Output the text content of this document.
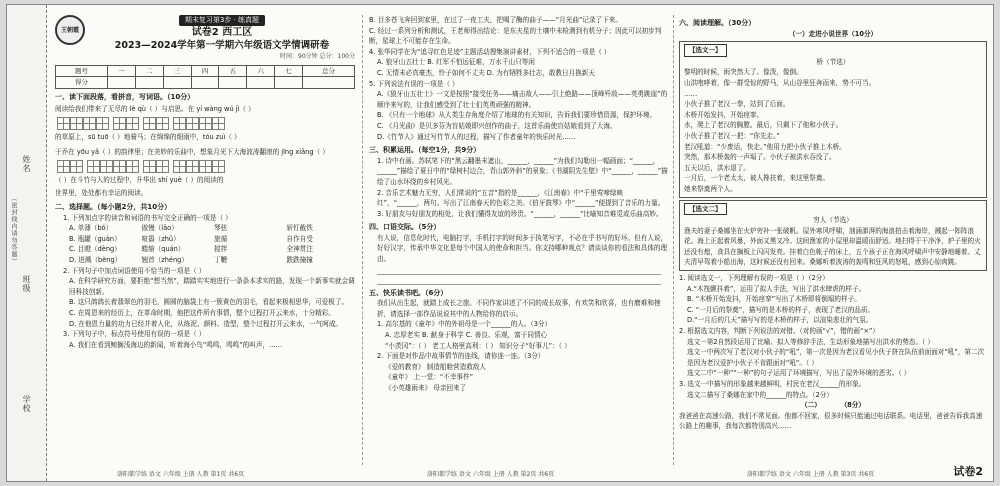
姓名
（密封线内请勿答题）
班级
学校
王朝霞
期末复习第3步 · 练真题
试卷2 西工区
2023—2024学年第一学期六年级语文学情调研卷
时间：90分钟 总分：100分
题号	一	二	三	四	五	六	七	总分
得分								
一、读下面段落，看拼音，写词语。（10分）
阅读给我们带来了无尽的 lè qù（ ）与启思。在 yí wàng wú jì（ ）
的草原上，sū tuō（ ）地骑马；在绵绵的细雨中，tóu zuì（ ）
于乔在 yōu yǎ（ ）的韵律里；在美妙的乐曲中，想象月光下大海波涛翻滚的 jīng xiǎng（ ）
（ ）在斗竹与人的过程中，升华出 shí yuè（ ）的阅读的
世界里，处处都有幸运的阅读。
二、选择题。（每小题2分，共10分）
1. 下列加点字的读音和词语的书写完全正确的一项是（ ）
A. 单薄（bó）	傲慢（lǎo）	琴弦	斩钉截铁
B. 瓶罐（guàn）	喧嚣（zhǔ）	旅循	自作自受
C. 目瞪（dèng）	蜷缩（quán）	搅拌	全神贯注
D. 迸溅（bèng）	翘首（zhéng）	丁鞭	跌跌撞撞
2. 下列句子中加点词语使用不恰当的一项是（ ）
A. 在科学研究方面，要拒绝“想当然”，踏踏实实地进行一条条本求实的路，发现一个新事实就会调回科技创新。
B. 这只鸽鸽长着翡翠色的羽毛，圆圆的脑袋上有一簇黄色的羽毛，看起来极相思华，可爱极了。
C. 在周恩来的经历上，在革命时期，他把这件所有事情，整个过程打开云来水，十分精彩。
D. 在他恩力量的功力已经并着人化，从练泥、颜料、造型，整个过程打开云来水，一气呵成。
3. 下列句子中，标点符号使用有误的一项是（ ）
A. 我们在看到鲸搁浅海边的新闻，听着海小鸟“鸣鸣，鸣鸣”的叫声，……
洛阳都学练 语文 六年级 上册 人教 第1页 共6页
B. 目多苍飞奔回到家里，在过了一夜工夫，把喝了酶的曲子——“月光曲”记录了下来。
C. 经过一系列分析和测试，王老师得出结论：是东夫星的土壤中未检测到有机分子；因此可以初步判断，星球上不可能存在生命。
4. 张华同学在为“追寻红色足迹”主题活动搜集演讲素材，下列不适合的一项是（ ）
A. 狼牙山五壮士 B. 红军不怕远征难，万水千山只等闲
C. 无情未必真豪杰，怜子如何不丈夫 D. 为有牺牲多壮志，敢教日月换新天
5. 下列说法有误的一项是（ ）
A.《狼牙山五壮士》一文是按照“接受任务——痛击敌人——引上绝路——顶峰歼敌——英勇跳崖”的顺序来写的，让我们感受到了壮士们英勇顽强的精神。
B. 《只有一个地球》从人类生存角度介绍了地球的有关知识，告诉我们要珍惜资源，保护环境。
C. 《月光曲》是贝多芬为盲姑娘即兴创作的曲子，这首乐曲使盲姑娘看到了大海。
D.《竹节人》通过写竹节人的过程，描写了作者童年的快乐时光……
三、积累运用。（每空1分，共9分）
1. 诗中有画。苏轼笔下的“黑云翻墨未遮山，______，______”为我们勾勒出一幅画面；“______，______”描绘了夏日中的“绿树村边合，青山郭外斜”的景象；《书湖阴先生壁》中“______，______”描绘了山水环绕的乡村风光。
2. 音乐艺术魅力无穷，人们常说的“五音”指的是______，《江南春》中“千里莺啼绿映红”，“______，两句。写出了江南春天的色彩之美。《伯牙鼓琴》中“______”便提到了音乐的力量。
3. 好朋友与好朋友的相处，让我们懂得友谊的珍贵。“______，______”比喻知音难觅或乐曲高妙。
四、口语交际。（5分）
有人说，信息化时代，电脑打字，手机打字的时间多于执笔写字，不必在乎书写的好坏。但有人说，好好汉字，传承中华文化是每个中国人的使命和担当。你支持哪种观点？请谈谈你的看法和具体的理由。
五、快乐读书吧。（6分）
我们从出生起，就踏上成长之旅。不同作家讲述了不同的成长故事，有欢笑和欣喜，也有磨难和挫折，请选择一部作品说说其中的人物给你的启示。
1. 高尔基的《童年》中的外祖母是一个______的人。（3分）
A. 忠厚老实 B. 献身于科学 C. 善良、乐观，富于同情心
“小茨冈”：（ ） 老工人格里高利：（ ） 知识分子“好事儿”：（ ）
2. 下面是对作品中故事情节的连线，请你连一连。（3分）
《爱的教育》 制造船舱营造救敌人
《童年》 上一堂：“不幸事件”
《小英雄雨来》 母亲回来了
洛阳都学练 语文 六年级 上册 人教 第2页 共6页
六、阅读理解。（30分）
（一）走进小说世界（10分）
【选文一】
桥（节选）
黎明的时候，雨突然大了。像泼，像倒。
山洪咆哮着，像一群受惊的野马，从山谷里狂奔而来，势不可当。
……
小伙子推了老汉一拳，站到了后面。
木桥开始发抖，开始痉挛。
水，爬上了老汉的胸膛。最后，只剩下了他和小伙子。
小伙子推了老汉一把：“你先走。”
老汉吼道：“少废话，快走。”他用力把小伙子推上木桥。
突然，那木桥轰的一声塌了。小伙子被洪水吞没了。
五天以后，洪水退了。
一月后，一个老太太，被人搀扶着，来这里祭奠。
她来祭奠两个人。
【选文二】
穷人（节选）
渔夫的妻子桑娜坐在火炉旁补一张破帆。屋外寒风呼啸，汹涌澎湃的海浪拍击着海岸，溅起一阵阵浪花。海上正起着风暴，外面又黑又冷。这间渔家的小屋里却温暖而舒适。地扫得干干净净，炉子里的火还没有熄，食具在搁板上闪闪发亮。挂着白色帐子的床上，五个孩子正在海风呼啸声中安静地睡着。丈夫清早驾着小船出海，这时候还没有回来。桑娜听着波涛的轰鸣和狂风的怒吼，感到心惊肉跳。
1. 阅读选文一，下列理解有误的一项是（ ）（2分）
A.“木筏颤抖着”，运用了拟人手法，写出了洪水肆虐的样子。
B. “木桥开始发抖，开始痉挛”写出了木桥即将倒塌的样子。
C. “一月后的祭奠”，描写的是木桥的样子，表现了老汉的品质。
D.“一月后的几天”描写写的是木桥的样子，以渲染悲壮的气氛。
2. 根据选文内容，判断下列说法的对错。（对的画“√”，错的画“×”）
选文一第2自然段运用了比喻、拟人等修辞手法，生动形象地描写出洪水的势态。（ ）
选文一中两次写了老汉对小伙子的“吼”，第一次是因为老汉看见小伙子挤在队伍前面面对“吼”，第二次是因为老汉爱护小伙子不肯跟面对“吼”。（ ）
选文二中“一种”“一种”的句子运用了环境描写，写出了屋外环境的恶劣。（ ）
3. 选文一中描写的形象越来越鲜明，村民在老汉______的形象。
选文二描写了桑娜在家中的______的特点。（2分）
（二）   	（8分）
我爸爸在高速公路，我们不常见面。他都不回家，很多时候只能通过电话联系。电话里，爸爸告诉我高速公路上的趣事，我每次都特别高兴……
洛阳都学练 语文 六年级 上册 人教 第3页 共6页	试卷2
